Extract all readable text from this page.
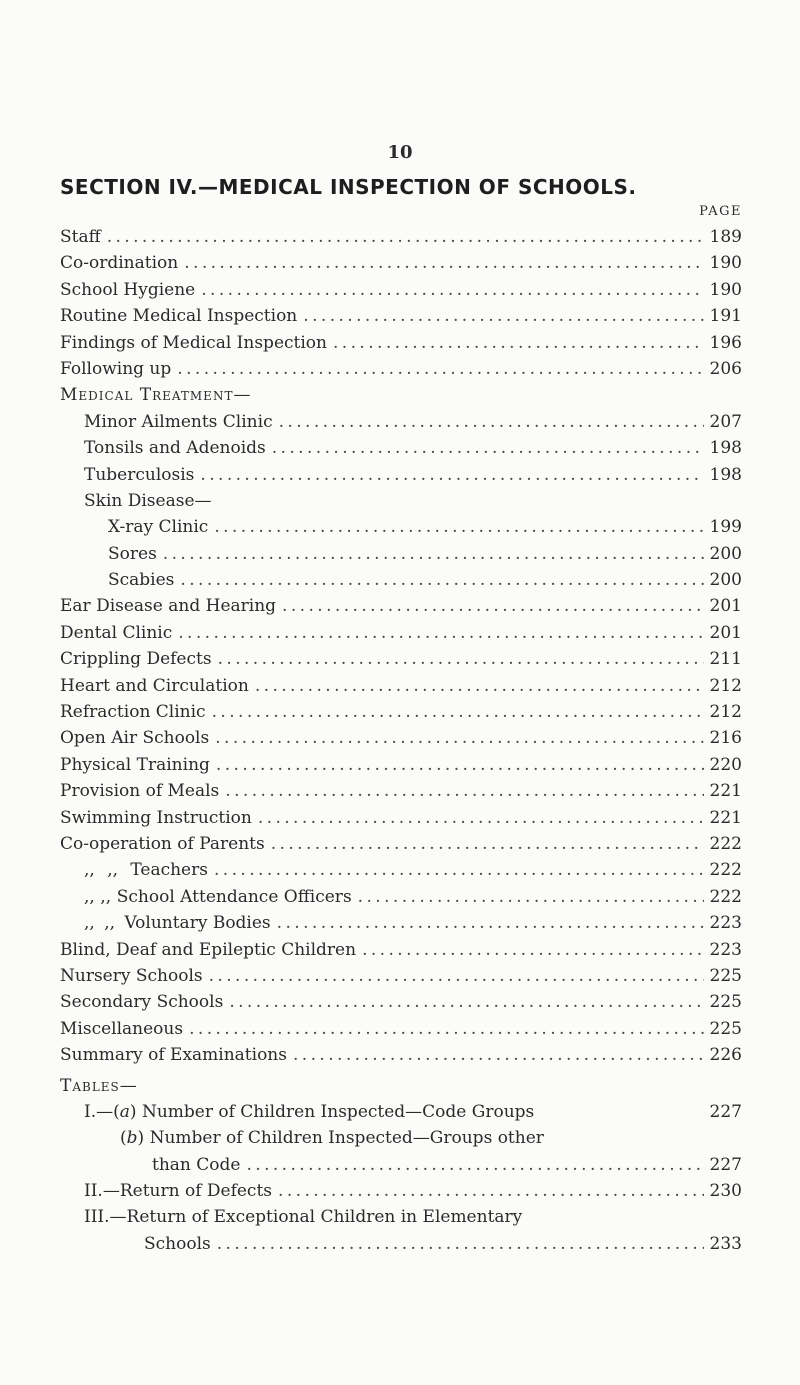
10
SECTION IV.—MEDICAL INSPECTION OF SCHOOLS.
PAGE
Staff . . .	189
Co-ordination . . .	190
School Hygiene . . .	190
Routine Medical Inspection . . .	191
Findings of Medical Inspection . . .	196
Following up . . .	206
Medical Treatment—
Minor Ailments Clinic . . .	207
Tonsils and Adenoids . . .	198
Tuberculosis . . .	198
Skin Disease—
X-ray Clinic . . .	199
Sores . . .	200
Scabies . . .	200
Ear Disease and Hearing . . .	201
Dental Clinic . . .	201
Crippling Defects . . .	211
Heart and Circulation . . .	212
Refraction Clinic . . .	212
Open Air Schools . . .	216
Physical Training . . .	220
Provision of Meals . . .	221
Swimming Instruction . . .	221
Co-operation of Parents . . .	222
,, ,, Teachers . . .	222
,, ,, School Attendance Officers . . .	222
,, ,, Voluntary Bodies . . .	223
Blind, Deaf and Epileptic Children . . .	223
Nursery Schools . . .	225
Secondary Schools . . .	225
Miscellaneous . . .	225
Summary of Examinations . . .	226
Tables—
I.—(a) Number of Children Inspected—Code Groups	227
(b) Number of Children Inspected—Groups other
than Code . . .	227
II.—Return of Defects . . .	230
III.—Return of Exceptional Children in Elementary
Schools . . .	233
